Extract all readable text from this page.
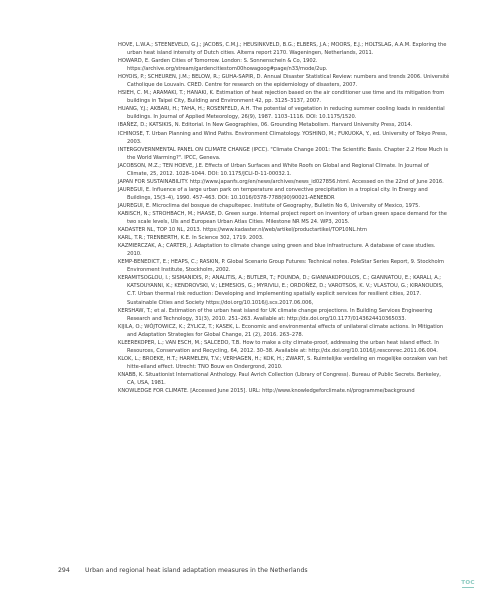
HOVE, L.W.A.; STEENEVELD, G.J.; JACOBS, C.M.J.; HEUSINKVELD, B.G.; ELBERS, J.A.; MOORS, E.J.; HOLTSLAG, A.A.M. Exploring the urban heat island intensity of Dutch cities. Alterra report 2170. Wageningen, Netherlands, 2011.

HOWARD, E. Garden Cities of Tomorrow. London: S. Sonnenschein & Co, 1902. https://archive.org/stream/gardencitiestom00howagoog#page/n33/mode/2up.

HOYOIS, P.; SCHEUREN, J.M.; BELOW, R.; GUHA-SAPIR, D. Annual Disaster Statistical Review: numbers and trends 2006. Université Catholique de Louvain. CRED. Centre for research on the epidemiology of disasters, 2007.

HSIEH, C. M.; ARAMAKI, T.; HANAKI, K. Estimation of heat rejection based on the air conditioner use time and its mitigation from buildings in Taipei City, Building and Environment 42, pp. 3125–3137, 2007.

HUANG, Y.J.; AKBARI, H.; TAHA, H.; ROSENFELD, A.H. The potential of vegetation in reducing summer cooling loads in residential buildings. In Journal of Applied Meteorology, 26(9), 1987. 1103–1116. DOI: 10.1175/1520.

IBAÑEZ, D.; KATSIKIS, N. Editorial. In New Geographies, 06. Grounding Metabolism. Harvard University Press, 2014.

ICHINOSE, T. Urban Planning and Wind Paths. Environment Climatology. YOSHINO, M.; FUKUOKA, Y., ed. University of Tokyo Press, 2003.

INTERGOVERNMENTAL PANEL ON CLIMATE CHANGE (IPCC). "Climate Change 2001: The Scientific Basis. Chapter 2.2 How Much is the World Warming?". IPCC, Geneva.

JACOBSON, M.Z.; TEN HOEVE, J.E. Effects of Urban Surfaces and White Roofs on Global and Regional Climate. In Journal of Climate, 25, 2012. 1028–1044. DOI: 10.1175/JCLI-D-11-00032.1.

JAPAN FOR SUSTAINABILITY. http://www.japanfs.org/en/news/archives/news_id027856.html. Accessed on the 22nd of June 2016.

JAUREGUI, E. Influence of a large urban park on temperature and convective precipitation in a tropical city. In Energy and Buildings, 15(3–4), 1990. 457–463. DOI: 10.1016/0378-7788(90)90021-AENEBDR

JAUREGUI, E. Microclima del bosque de chapultepec. Institute of Geography, Bulletin No 6, University of Mexico, 1975.

KABISCH, N.; STROHBACH, M.; HAASE, D. Green surge. Internal project report on inventory of urban green space demand for the two scale levels, UIs and European Urban Atlas Cities. Milestone NR MS 24. WP3, 2015.

KADASTER NL, TOP 10 NL, 2013. https://www.kadaster.nl/web/artikel/productartikel/TOP10NL.htm

KARL, T.R.; TRENBERTH, K.E. In Science 302, 1719. 2003.

KAZMIERCZAK, A.; CARTER, J. Adaptation to climate change using green and blue infrastructure. A database of case studies. 2010.

KEMP-BENEDICT, E.; HEAPS, C.; RASKIN, P. Global Scenario Group Futures: Technical notes. PoleStar Series Report, 9. Stockholm Environment Institute, Stockholm, 2002.

KERAMITSOGLOU, I.; SISMANIDIS, P.; ANALITIS, A.; BUTLER, T.; FOUNDA, D.; GIANNAKOPOULOS, C.; GIANNATOU, E.; KARALI, A.; KATSOUYANNI, K.; KENDROVSKI, V.; LEMESIOS, G.; MYRIVILI, E.; ORDOÑEZ, D.; VAROTSOS, K. V.; VLASTOU, G.; KIRANOUDIS, C.T. Urban thermal risk reduction: Developing and implementing spatially explicit services for resilient cities, 2017. Sustainable Cities and Society https://doi.org/10.1016/j.scs.2017.06.006,

KERSHAW, T.; et al. Estimation of the urban heat island for UK climate change projections. In Building Services Engineering Research and Technology, 31(3), 2010. 251–263. Available at: http://dx.doi.org/10.1177/0143624410365033.

KIJILA, O.; WÓJTOWICZ, K.; ŻYLICZ, T.; KASEK, L. Economic and environmental effects of unilateral climate actions. In Mitigation and Adaptation Strategies for Global Change, 21 (2), 2016. 263–278.

KLEEREKOPER, L.; VAN ESCH, M.; SALCEDO, T.B. How to make a city climate-proof, addressing the urban heat island effect. In Resources, Conservation and Recycling, 64, 2012. 30–38. Available at: http://dx.doi.org/10.1016/j.resconrec.2011.06.004.

KLOK, L.; BROEKE, H.T.; HARMELEN, T.V.; VERHAGEN, H.; KOK, H.; ZWART, S. Ruimtelijke verdeling en mogelijke oorzaken van het hitte-eiland effect. Utrecht: TNO Bouw en Ondergrond, 2010.

KNABB, K. Situationist International Anthology. Paul Avrich Collection (Library of Congress). Bureau of Public Secrets. Berkeley, CA, USA, 1981.

KNOWLEDGE FOR CLIMATE. [Accessed June 2015]. URL: http://www.knowledgeforclimate.nl/programme/background

294 Urban and regional heat island adaptation measures in the Netherlands
TOC
